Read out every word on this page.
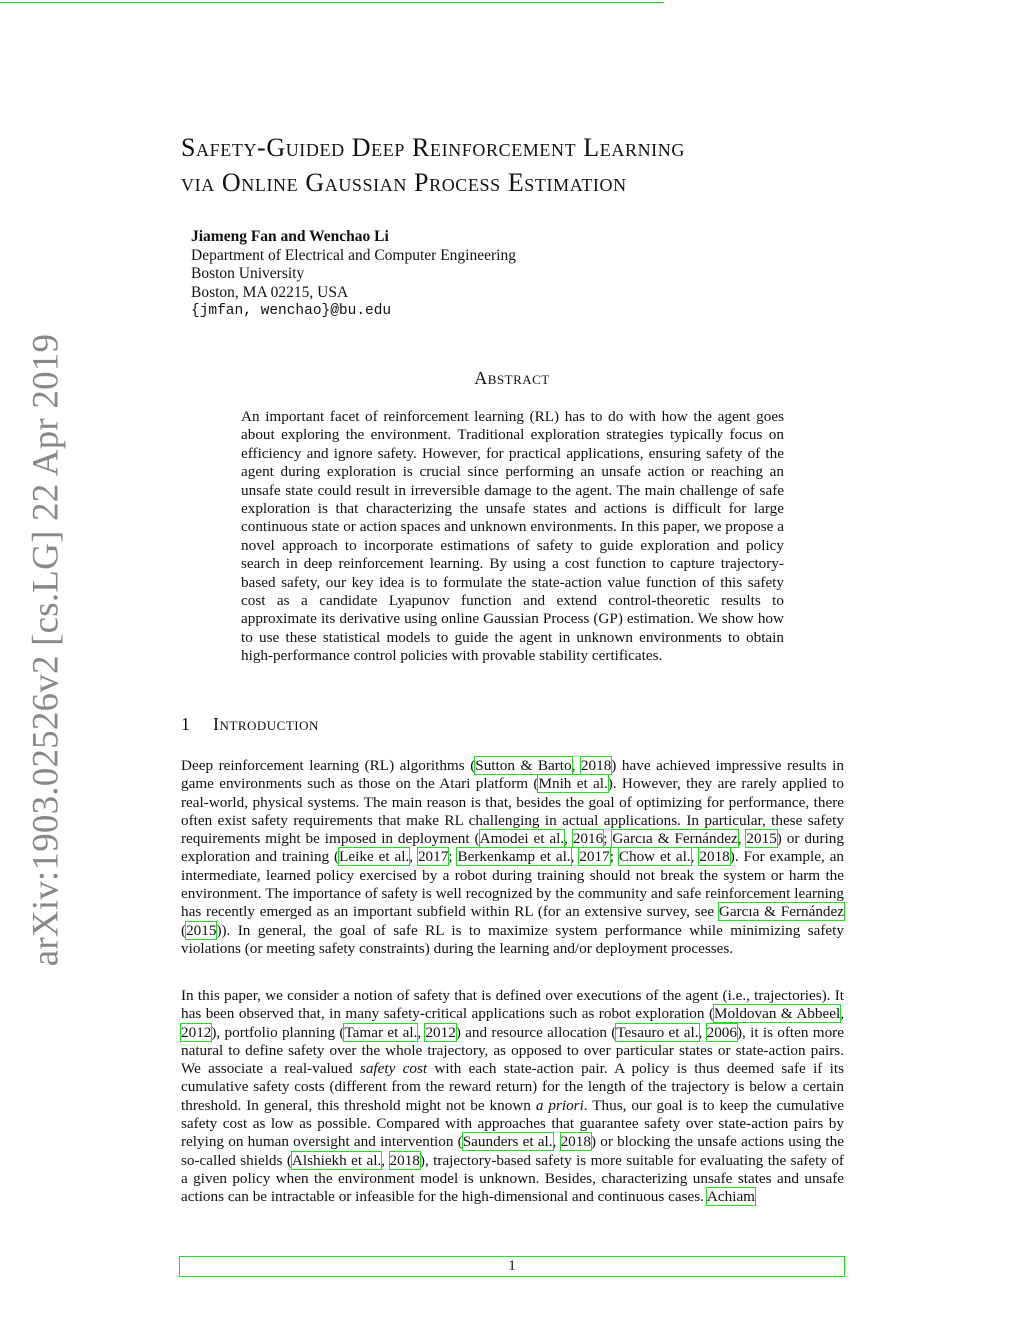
arXiv:1903.02526v2 [cs.LG] 22 Apr 2019
Safety-Guided Deep Reinforcement Learning
via Online Gaussian Process Estimation
Jiameng Fan and Wenchao Li
Department of Electrical and Computer Engineering
Boston University
Boston, MA 02215, USA
{jmfan, wenchao}@bu.edu
Abstract
An important facet of reinforcement learning (RL) has to do with how the agent goes about exploring the environment. Traditional exploration strategies typically focus on efficiency and ignore safety. However, for practical applications, ensuring safety of the agent during exploration is crucial since performing an unsafe action or reaching an unsafe state could result in irreversible damage to the agent. The main challenge of safe exploration is that characterizing the unsafe states and actions is difficult for large continuous state or action spaces and unknown environments. In this paper, we propose a novel approach to incorporate estimations of safety to guide exploration and policy search in deep reinforcement learning. By using a cost function to capture trajectory-based safety, our key idea is to formulate the state-action value function of this safety cost as a candidate Lyapunov function and extend control-theoretic results to approximate its derivative using online Gaussian Process (GP) estimation. We show how to use these statistical models to guide the agent in unknown environments to obtain high-performance control policies with provable stability certificates.
1 Introduction
Deep reinforcement learning (RL) algorithms (Sutton & Barto, 2018) have achieved impressive results in game environments such as those on the Atari platform (Mnih et al.). However, they are rarely applied to real-world, physical systems. The main reason is that, besides the goal of optimizing for performance, there often exist safety requirements that make RL challenging in actual applications. In particular, these safety requirements might be imposed in deployment (Amodei et al., 2016; Garcıa & Fernández, 2015) or during exploration and training (Leike et al., 2017; Berkenkamp et al., 2017; Chow et al., 2018). For example, an intermediate, learned policy exercised by a robot during training should not break the system or harm the environment. The importance of safety is well recognized by the community and safe reinforcement learning has recently emerged as an important subfield within RL (for an extensive survey, see Garcıa & Fernández (2015)). In general, the goal of safe RL is to maximize system performance while minimizing safety violations (or meeting safety constraints) during the learning and/or deployment processes.
In this paper, we consider a notion of safety that is defined over executions of the agent (i.e., trajectories). It has been observed that, in many safety-critical applications such as robot exploration (Moldovan & Abbeel, 2012), portfolio planning (Tamar et al., 2012) and resource allocation (Tesauro et al., 2006), it is often more natural to define safety over the whole trajectory, as opposed to over particular states or state-action pairs. We associate a real-valued safety cost with each state-action pair. A policy is thus deemed safe if its cumulative safety costs (different from the reward return) for the length of the trajectory is below a certain threshold. In general, this threshold might not be known a priori. Thus, our goal is to keep the cumulative safety cost as low as possible. Compared with approaches that guarantee safety over state-action pairs by relying on human oversight and intervention (Saunders et al., 2018) or blocking the unsafe actions using the so-called shields (Alshiekh et al., 2018), trajectory-based safety is more suitable for evaluating the safety of a given policy when the environment model is unknown. Besides, characterizing unsafe states and unsafe actions can be intractable or infeasible for the high-dimensional and continuous cases. Achiam
1
